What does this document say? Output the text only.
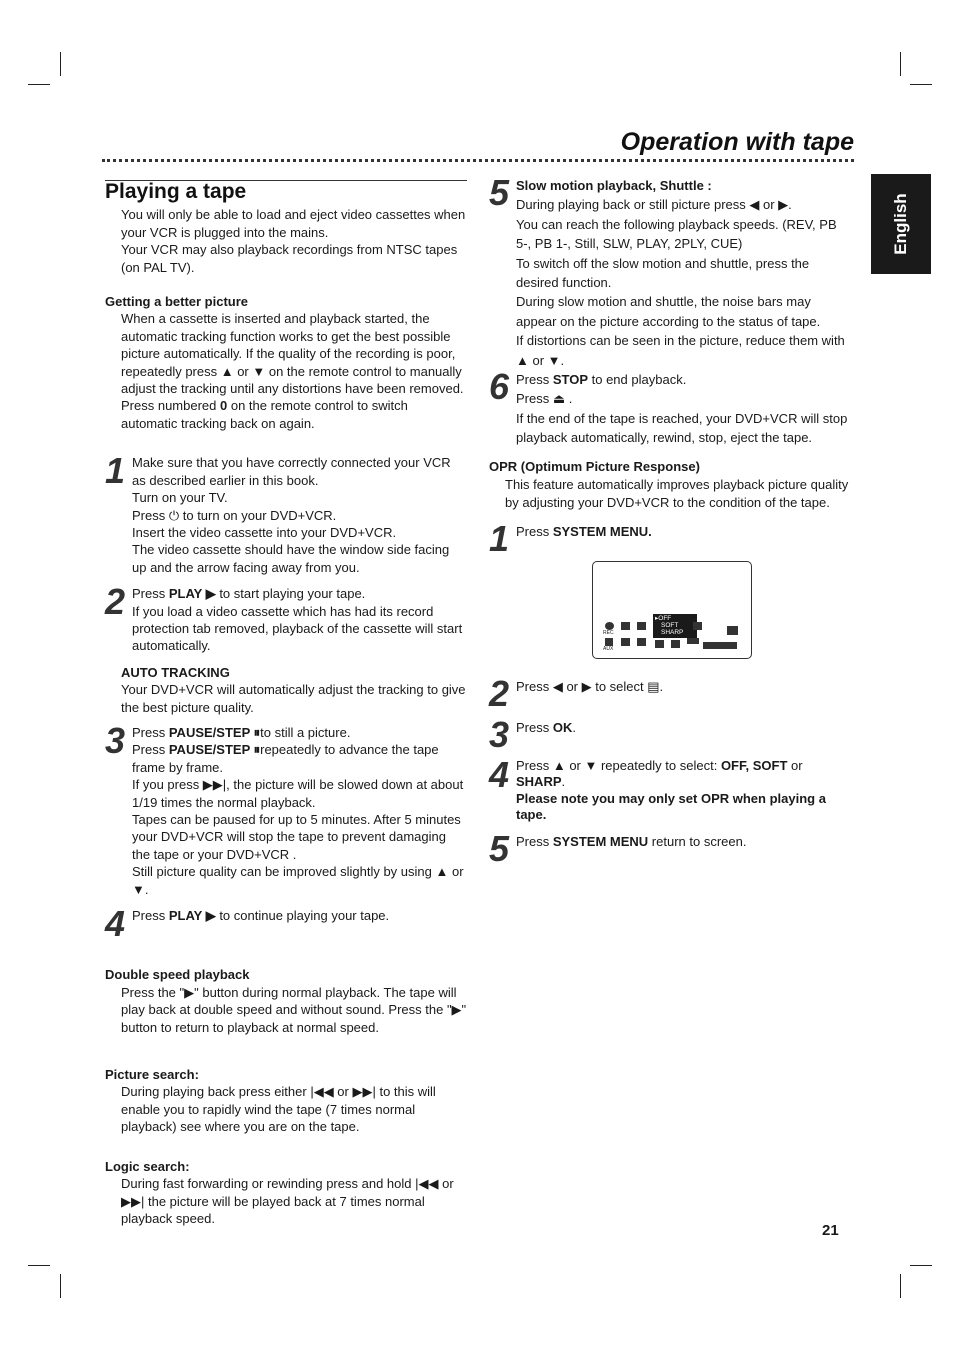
Operation with tape
English
Playing a tape

You will only be able to load and eject video cassettes when your VCR is plugged into the mains.

Your VCR may also playback recordings from NTSC tapes (on PAL TV).

Getting a better picture

When a cassette is inserted and playback started, the automatic tracking function works to get the best possible picture automatically. If the quality of the recording is poor, repeatedly press ▲ or ▼ on the remote control to manually adjust the tracking until any distortions have been removed.

Press numbered 0 on the remote control to switch automatic tracking back on again.

1 Make sure that you have correctly connected your VCR as described earlier in this book.

Turn on your TV.

Press ⏻ to turn on your DVD+VCR.

Insert the video cassette into your DVD+VCR.

The video cassette should have the window side facing up and the arrow facing away from you.

2 Press PLAY ▶ to start playing your tape.

If you load a video cassette which has had its record protection tab removed, playback of the cassette will start automatically.

AUTO TRACKING

Your DVD+VCR will automatically adjust the tracking to give the best picture quality.

3 Press PAUSE/STEP ⏸to still a picture.

Press PAUSE/STEP ⏸repeatedly to advance the tape frame by frame.

If you press ▶▶|, the picture will be slowed down at about 1/19 times the normal playback.

Tapes can be paused for up to 5 minutes. After 5 minutes your DVD+VCR will stop the tape to prevent damaging the tape or your DVD+VCR .

Still picture quality can be improved slightly by using ▲ or ▼.

4 Press PLAY ▶ to continue playing your tape.

Double speed playback

Press the "▶" button during normal playback. The tape will play back at double speed and without sound. Press the "▶" button to return to playback at normal speed.

Picture search:

During playing back press either |◀◀ or ▶▶| to this will enable you to rapidly wind the tape (7 times normal playback) see where you are on the tape.

Logic search:

During fast forwarding or rewinding press and hold |◀◀ or ▶▶| the picture will be played back at 7 times normal playback speed.

5 Slow motion playback, Shuttle :

During playing back or still picture press ◀ or ▶.

You can reach the following playback speeds. (REV, PB 5-, PB 1-, Still, SLW, PLAY, 2PLY, CUE)

To switch off the slow motion and shuttle, press the desired function.

During slow motion and shuttle, the noise bars may appear on the picture according to the status of tape.

If distortions can be seen in the picture, reduce them with ▲ or ▼.

6 Press STOP to end playback.

Press ⏏ .

If the end of the tape is reached, your DVD+VCR will stop playback automatically, rewind, stop, eject the tape.

OPR (Optimum Picture Response)

This feature automatically improves playback picture quality by adjusting your DVD+VCR to the condition of the tape.

1 Press SYSTEM MENU.

REC
AUX
▸OFF
SOFT
SHARP
2 Press ◀ or ▶ to select ▤.

3 Press OK.

4 Press ▲ or ▼ repeatedly to select: OFF, SOFT or SHARP.

Please note you may only set OPR when playing a tape.

5 Press SYSTEM MENU return to screen.

21
